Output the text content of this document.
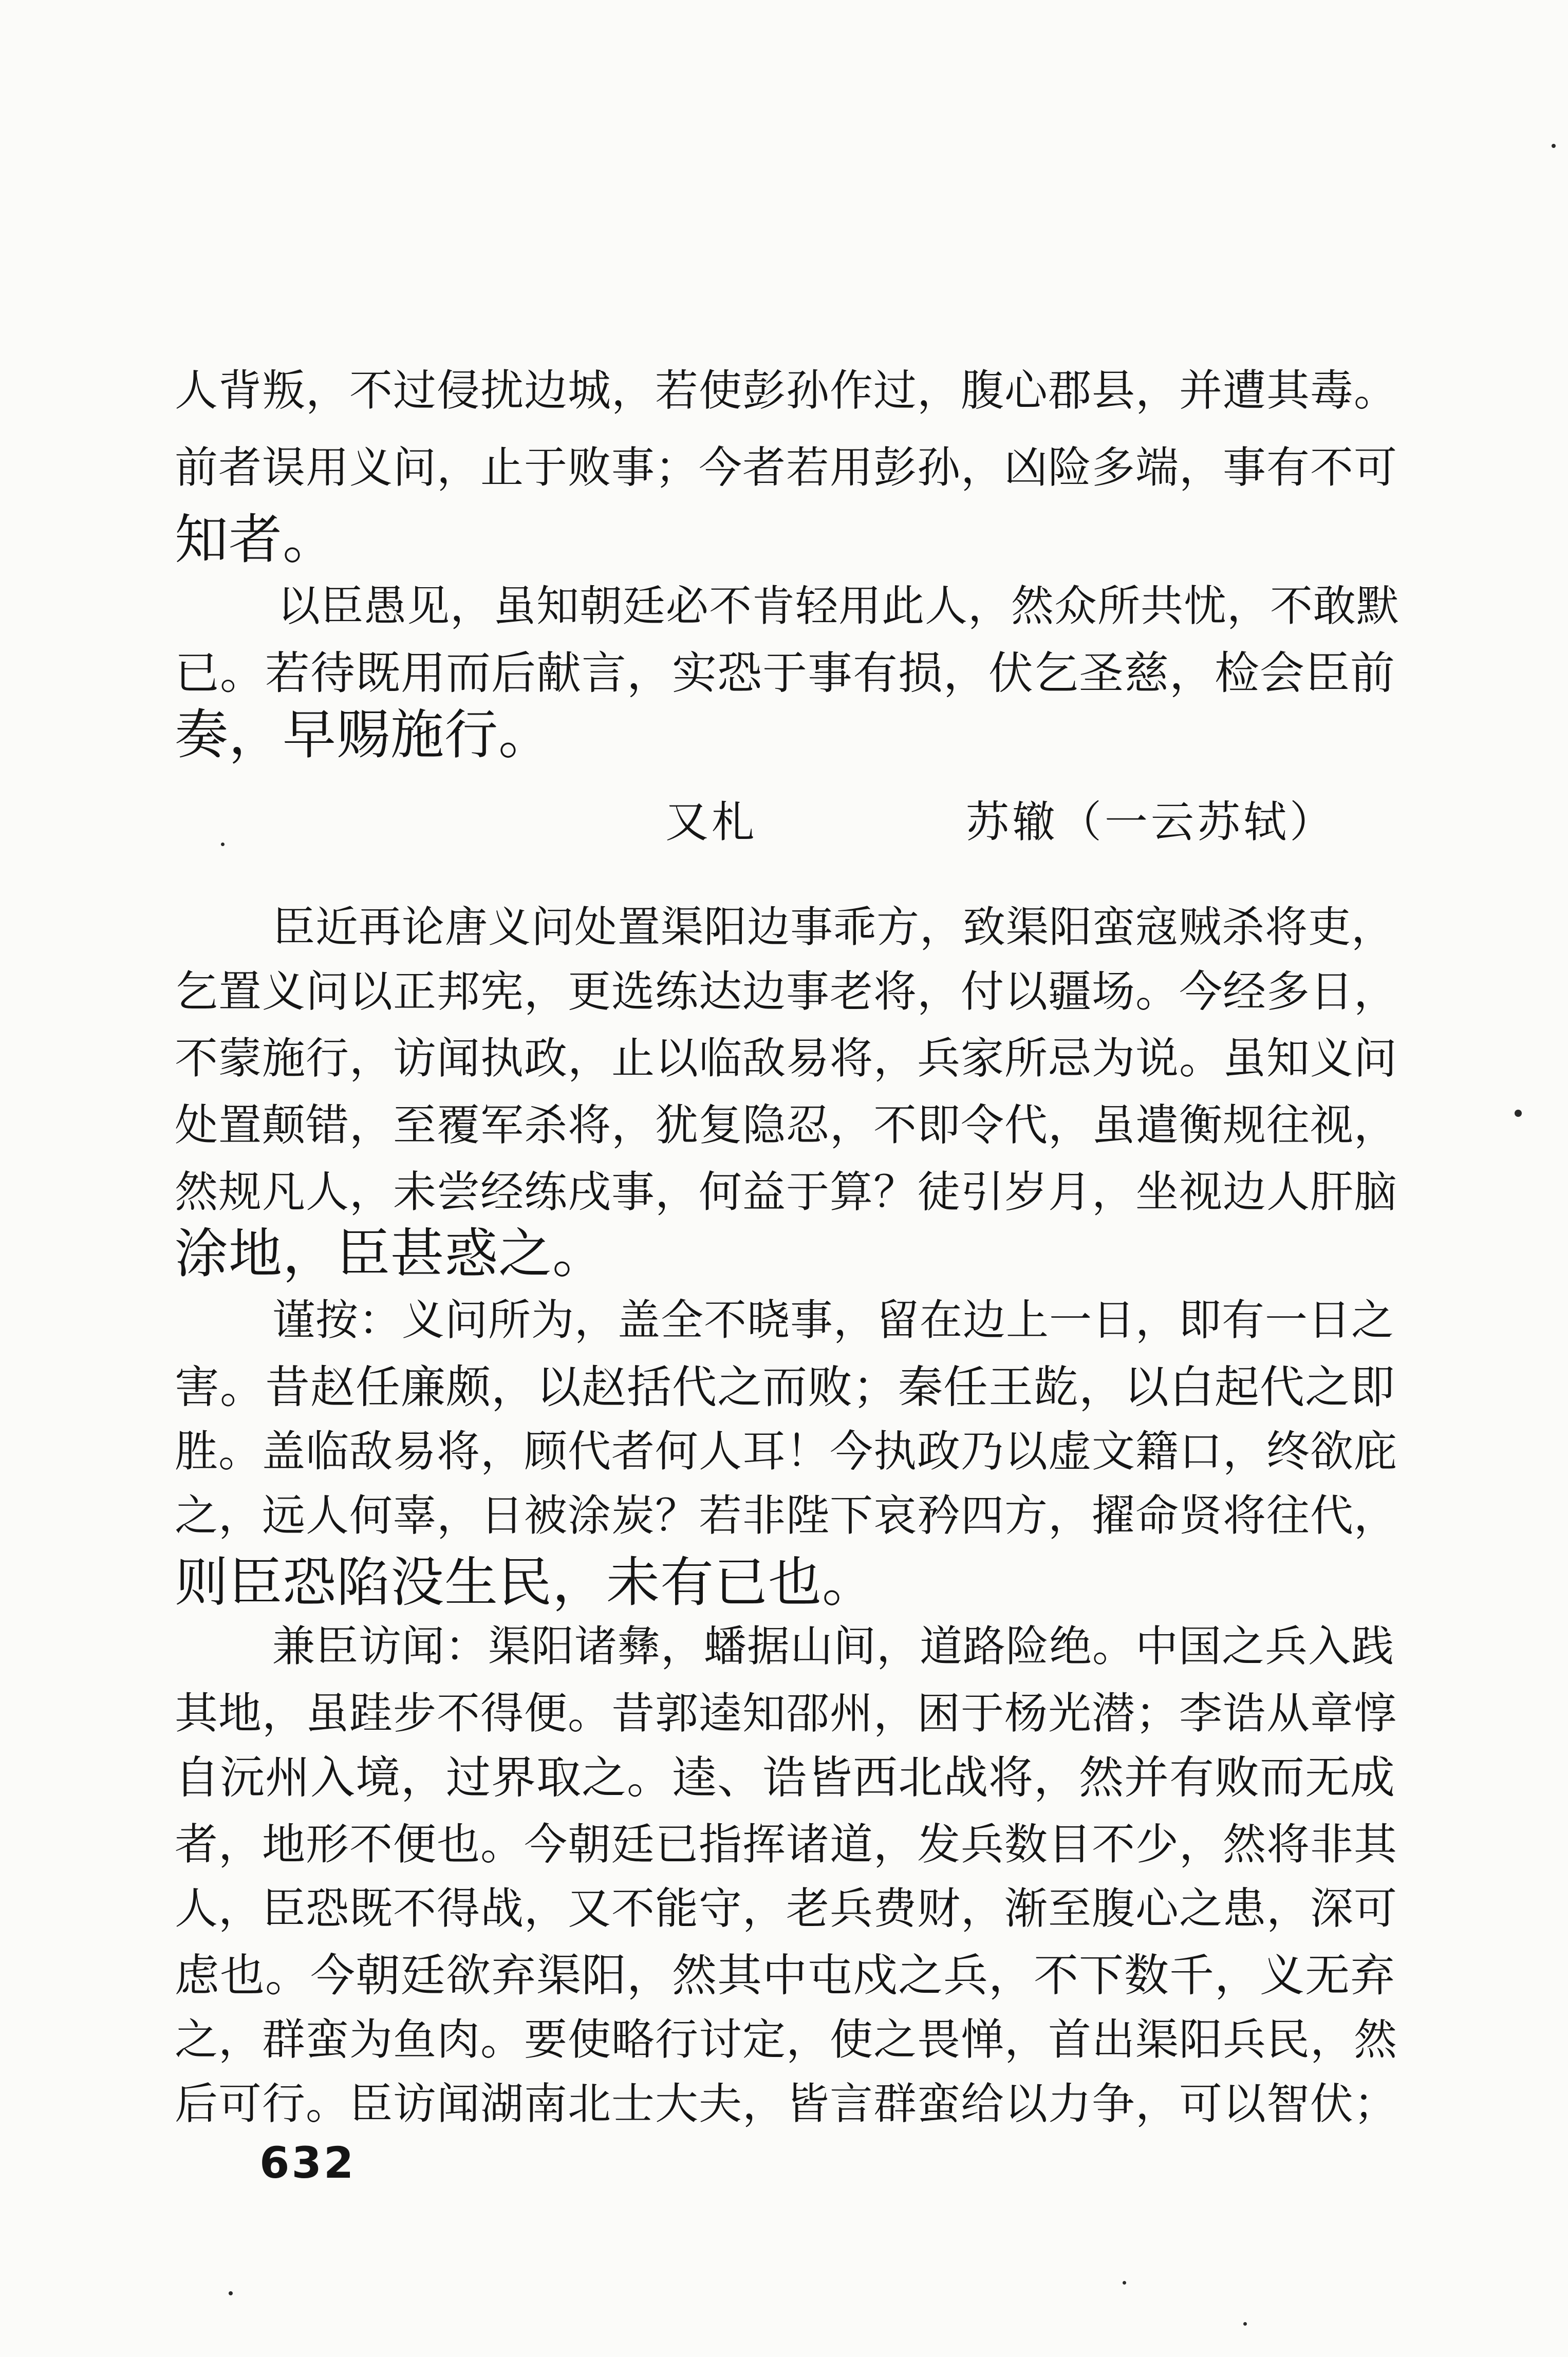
人背叛，不过侵扰边城，若使彭孙作过，腹心郡县，并遭其毒。
前者误用义问，止于败事；今者若用彭孙，凶险多端，事有不可
知者。
以臣愚见，虽知朝廷必不肯轻用此人，然众所共忧，不敢默
已。若待既用而后献言，实恐于事有损，伏乞圣慈，检会臣前
奏，早赐施行。
又札	苏辙（一云苏轼）
臣近再论唐义问处置渠阳边事乖方，致渠阳蛮寇贼杀将吏，
乞置义问以正邦宪，更选练达边事老将，付以疆场。今经多日，
不蒙施行，访闻执政，止以临敌易将，兵家所忌为说。虽知义问
处置颠错，至覆军杀将，犹复隐忍，不即令代，虽遣衡规往视，
然规凡人，未尝经练戌事，何益于算？徒引岁月，坐视边人肝脑
涂地，臣甚惑之。
谨按：义问所为，盖全不晓事，留在边上一日，即有一日之
害。昔赵任廉颇，以赵括代之而败；秦任王龁，以白起代之即
胜。盖临敌易将，顾代者何人耳！今执政乃以虚文籍口，终欲庇
之，远人何辜，日被涂炭？若非陛下哀矜四方，擢命贤将往代，
则臣恐陷没生民，未有已也。
兼臣访闻：渠阳诸彝，蟠据山间，道路险绝。中国之兵入践
其地，虽跬步不得便。昔郭逵知邵州，困于杨光潜；李诰从章惇
自沅州入境，过界取之。逵、诰皆西北战将，然并有败而无成
者，地形不便也。今朝廷已指挥诸道，发兵数目不少，然将非其
人，臣恐既不得战，又不能守，老兵费财，渐至腹心之患，深可
虑也。今朝廷欲弃渠阳，然其中屯戍之兵，不下数千，义无弃
之，群蛮为鱼肉。要使略行讨定，使之畏惮，首出渠阳兵民，然
后可行。臣访闻湖南北士大夫，皆言群蛮给以力争，可以智伏；
632
